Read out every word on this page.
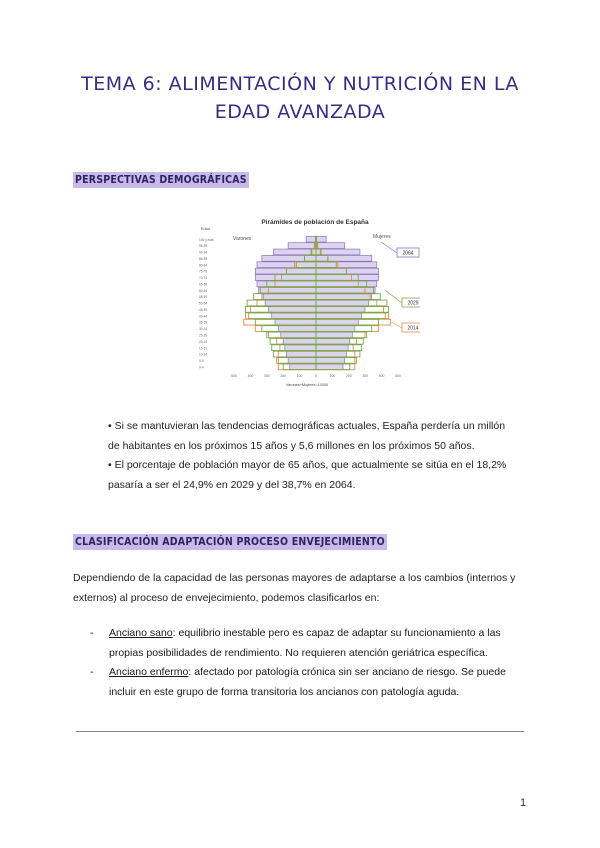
TEMA 6: ALIMENTACIÓN Y NUTRICIÓN EN LA EDAD AVANZADA
PERSPECTIVAS DEMOGRÁFICAS
Pirámides de población de España
Edad
Varones	Mujeres
0-4
5-9
10-14
15-19
20-24
25-29
30-34
35-39
40-44
45-49
50-54
55-59
60-64
65-69
70-74
75-79
80-84
85-89
90-94
95-99
100 y más
500	400	300	200	100	0	100	200	300	400	500
2064
2029
2014
Varones+Mujeres=10000

• Si se mantuvieran las tendencias demográficas actuales, España perdería un millón de habitantes en los próximos 15 años y 5,6 millones en los próximos 50 años.

• El porcentaje de población mayor de 65 años, que actualmente se sitúa en el 18,2% pasaría a ser el 24,9% en 2029 y del 38,7% en 2064.

CLASIFICACIÓN ADAPTACIÓN PROCESO ENVEJECIMIENTO
Dependiendo de la capacidad de las personas mayores de adaptarse a los cambios (internos y externos) al proceso de envejecimiento, podemos clasificarlos en:
- Anciano sano: equilibrio inestable pero es capaz de adaptar su funcionamiento a las propias posibilidades de rendimiento. No requieren atención geriátrica específica.
- Anciano enfermo: afectado por patología crónica sin ser anciano de riesgo. Se puede incluir en este grupo de forma transitoria los ancianos con patología aguda.
1
